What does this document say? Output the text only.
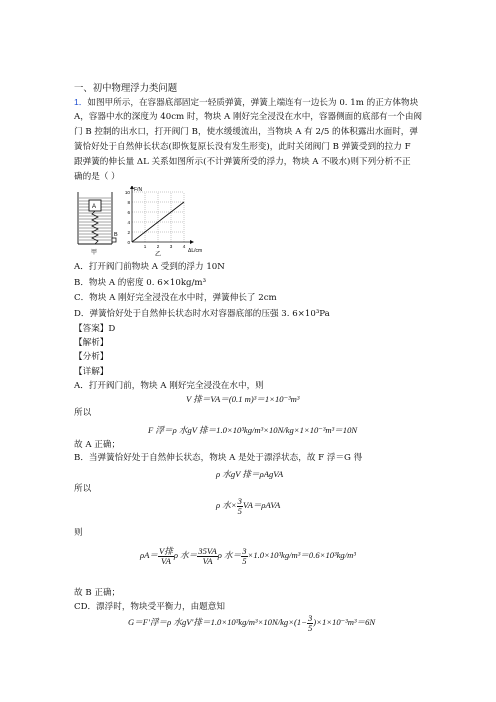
一、初中物理浮力类问题
1．如图甲所示，在容器底部固定一轻质弹簧，弹簧上端连有一边长为 0. 1m 的正方体物块
A，容器中水的深度为 40cm 时，物块 A 刚好完全浸没在水中，容器侧面的底部有一个由阀
门 B 控制的出水口，打开阀门 B，使水缓缓流出，当物块 A 有 2/5 的体积露出水面时，弹
簧恰好处于自然伸长状态(即恢复原长没有发生形变)，此时关闭阀门 B 弹簧受到的拉力 F
跟弹簧的伸长量 ΔL 关系如图所示(不计弹簧所受的浮力，物块 A 不吸水)则下列分析不正
确的是（ ）
A
B
甲
F/N
ΔL/cm
10
8
6
4
2
0
1 2 3 4
乙
A．打开阀门前物块 A 受到的浮力 10N
B．物块 A 的密度 0. 6×10kg/m³
C．物块 A 刚好完全浸没在水中时，弹簧伸长了 2cm
D．弹簧恰好处于自然伸长状态时水对容器底部的压强 3. 6×10³Pa
【答案】D
【解析】
【分析】
【详解】
A．打开阀门前，物块 A 刚好完全浸没在水中，则
V 排＝VA＝(0.1 m)³＝1×10⁻³m³
所以
F 浮＝ρ 水gV 排＝1.0×10³kg/m³×10N/kg×1×10⁻³m³＝10N
故 A 正确；
B．当弹簧恰好处于自然伸长状态，物块 A 是处于漂浮状态，故 F 浮＝G 得
ρ 水gV 排＝ρAgVA
所以
ρ 水× $\frac{3}{5} VA=\rho AVA$
则
$\rho A= \frac{\text{V排}}{VA}$ ρ 水＝ $\frac{35VA}{VA}$ ρ 水＝ $\frac{3}{5} \times 1.0\times 10^3kg/m^3=0.6\times 10^3kg/m^3$
故 B 正确；
CD．漂浮时，物块受平衡力，由题意知
G＝F′浮＝ρ 水gV′排$=1.0\times 10^3kg/m^3\times 10N/kg\times(1- \frac{3}{5} )\times 1\times 10^{-3}m^3=6N$
